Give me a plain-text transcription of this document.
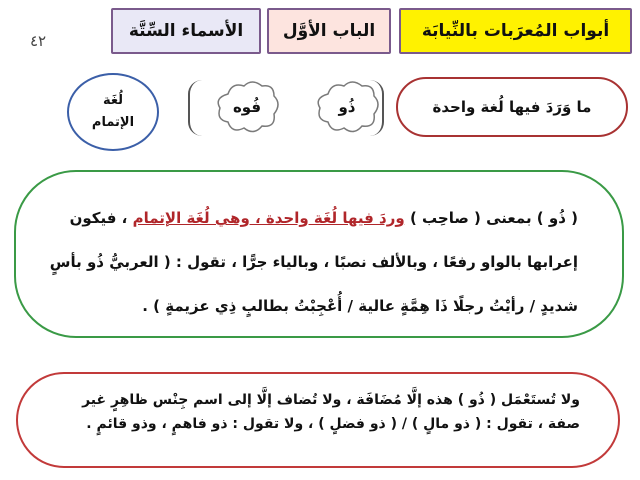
أبواب المُعرَبات بالنِّيابَة
الباب الأوَّل
الأسماء السِّتَّة
٤٢
ما وَرَدَ فيها لُغة واحدة
ذُو
فُوه
لُغَة
الإتمام
( ذُو ) بمعنى ( صاحِب ) وردَ فيها لُغَة واحدة ، وهي لُغَة الإتمام ، فيكون
إعرابها بالواو رفعًا ، وبالألف نصبًا ، وبالياء جرًّا ، تقول : ( العربيُّ ذُو بأسٍ
شديدٍ / رأيْتُ رجلًا ذَا هِمَّةٍ عالية / أُعْجِبْتُ بطالبٍ ذِي عزيمةٍ ) .
ولا تُستَعْمَل ( ذُو ) هذه إلَّا مُضَافَة ، ولا تُضاف إلَّا إلى اسم جِنْس ظاهِرٍ غير
صفة ، تقول : ( ذو مالٍ ) / ( ذو فضلٍ ) ، ولا تقول : ذو فاهمٍ ، وذو قائمٍ .
